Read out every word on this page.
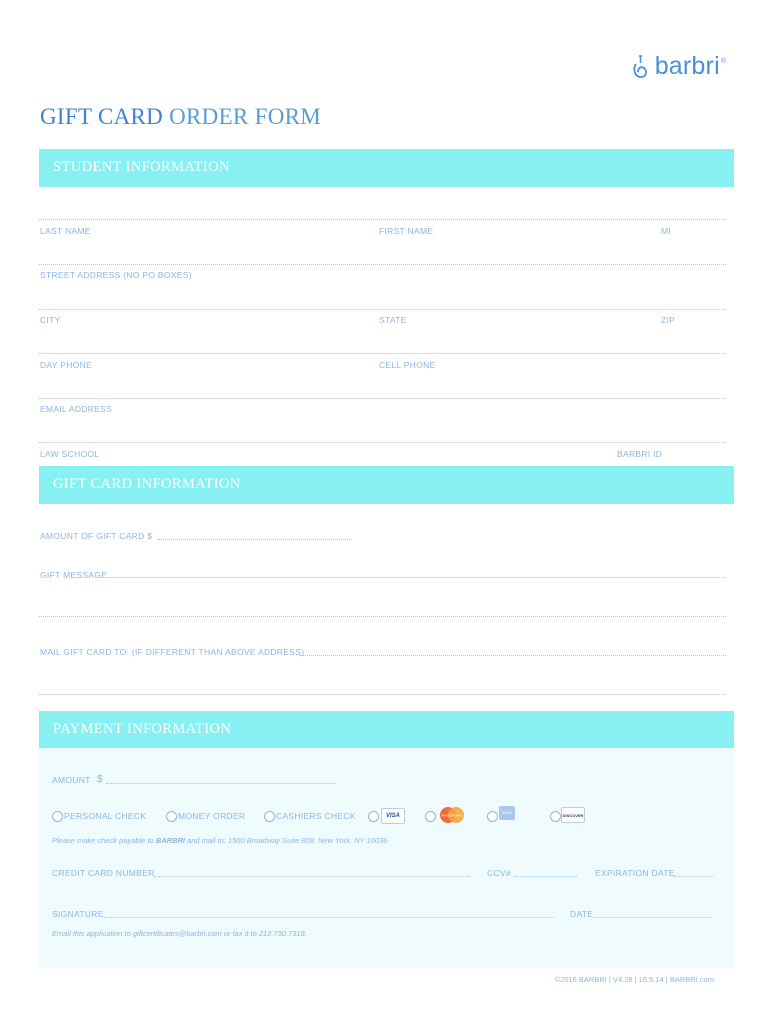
barbri ®
GIFT CARD ORDER FORM
STUDENT INFORMATION
LAST NAME	FIRST NAME	MI
STREET ADDRESS (NO PO BOXES)
CITY	STATE	ZIP
DAY PHONE	CELL PHONE
EMAIL ADDRESS
LAW SCHOOL	BARBRI ID
GIFT CARD INFORMATION
AMOUNT OF GIFT CARD $
GIFT MESSAGE
MAIL GIFT CARD TO: (IF DIFFERENT THAN ABOVE ADDRESS)
PAYMENT INFORMATION
AMOUNT $
PERSONAL CHECK	MONEY ORDER	CASHIERS CHECK	VISA	MASTERCARD
AMEX	DISCOVER
Please make check payable to BARBRI and mail to: 1500 Broadway Suite 808, New York, NY 10036
CREDIT CARD NUMBER	CCV#	EXPIRATION DATE
SIGNATURE	DATE
Email this application to giftcertificates@barbri.com or fax it to 212.730.7318.
©2016 BARBRI | V4.28 | 16.5.14 | BARBRI.com
